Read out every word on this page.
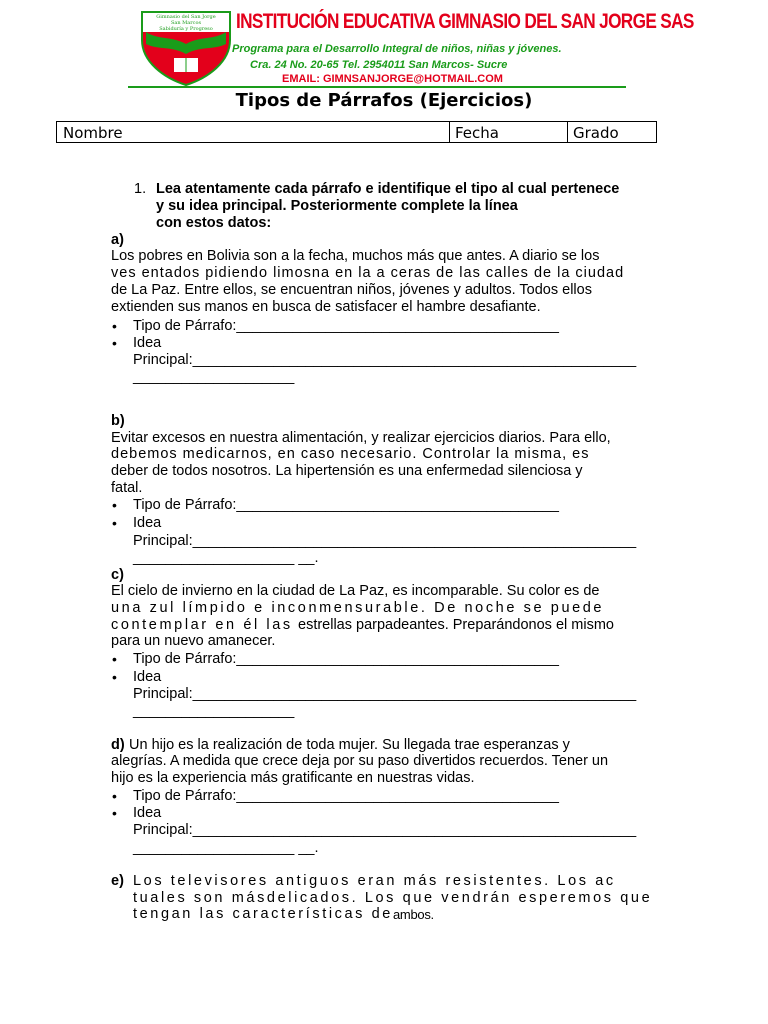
Gimnasio del San Jorge
San Marcos
Sabiduría y Progreso INSTITUCIÓN EDUCATIVA GIMNASIO DEL SAN JORGE SAS
Programa para el Desarrollo Integral de niños, niñas y jóvenes.
Cra. 24 No. 20-65 Tel. 2954011 San Marcos- Sucre
EMAIL: GIMNSANJORGE@HOTMAIL.COM
Tipos de Párrafos (Ejercicios)
Nombre	Fecha	Grado
1. Lea atentamente cada párrafo e identifique el tipo al cual pertenece
y su idea principal. Posteriormente complete la línea
con estos datos:
a)
Los pobres en Bolivia son a la fecha, muchos más que antes. A diario se los
ves entados pidiendo limosna en la a ceras de las calles de la ciudad
de La Paz. Entre ellos, se encuentran niños, jóvenes y adultos. Todos ellos
extienden sus manos en busca de satisfacer el hambre desafiante.
• Tipo de Párrafo:________________________________________
• Idea
Principal:_______________________________________________________
____________________
b)
Evitar excesos en nuestra alimentación, y realizar ejercicios diarios. Para ello,
debemos medicarnos, en caso necesario. Controlar la misma, es
deber de todos nosotros. La hipertensión es una enfermedad silenciosa y
fatal.
• Tipo de Párrafo:________________________________________
• Idea
Principal:_______________________________________________________
____________________ __.
c)
El cielo de invierno en la ciudad de La Paz, es incomparable. Su color es de
una zul límpido e inconmensurable. De noche se puede
contemplar en él las estrellas parpadeantes. Preparándonos el mismo
para un nuevo amanecer.
• Tipo de Párrafo:________________________________________
• Idea
Principal:_______________________________________________________
____________________
d) Un hijo es la realización de toda mujer. Su llegada trae esperanzas y
alegrías. A medida que crece deja por su paso divertidos recuerdos. Tener un
hijo es la experiencia más gratificante en nuestras vidas.
• Tipo de Párrafo:________________________________________
• Idea
Principal:_______________________________________________________
____________________ __.
e) Los televisores antiguos eran más resistentes. Los ac
tuales son másdelicados. Los que vendrán esperemos que
tengan las características de ambos.
